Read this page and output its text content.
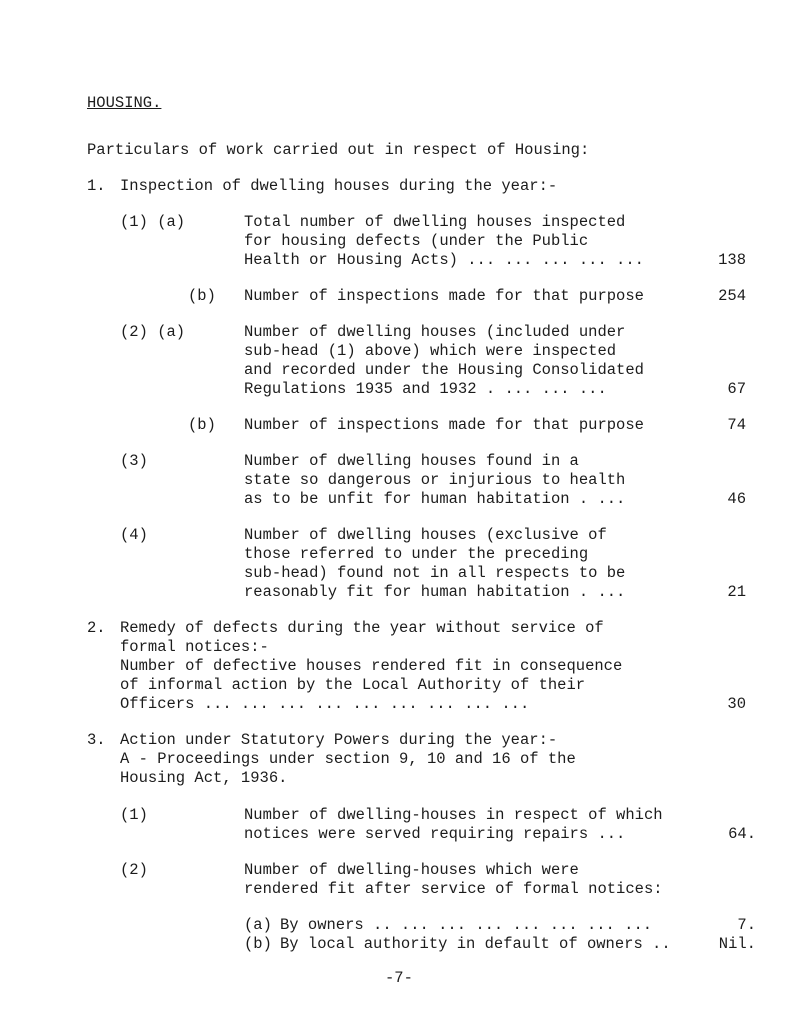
HOUSING.
Particulars of work carried out in respect of Housing:
1. Inspection of dwelling houses during the year:-
(1) (a)	Total number of dwelling houses inspected
for housing defects (under the Public
Health or Housing Acts) ... ... ... ... ...	138
(b) Number of inspections made for that purpose	254
(2) (a)	Number of dwelling houses (included under
sub-head (1) above) which were inspected
and recorded under the Housing Consolidated
Regulations 1935 and 1932 . ... ... ...	67
(b) Number of inspections made for that purpose	74
(3)	Number of dwelling houses found in a
state so dangerous or injurious to health
as to be unfit for human habitation . ...	46
(4)	Number of dwelling houses (exclusive of
those referred to under the preceding
sub-head) found not in all respects to be
reasonably fit for human habitation . ...	21
2. Remedy of defects during the year without service of
formal notices:-
Number of defective houses rendered fit in consequence
of informal action by the Local Authority of their
Officers ... ... ... ... ... ... ... ... ...	30
3. Action under Statutory Powers during the year:-
A - Proceedings under section 9, 10 and 16 of the
Housing Act, 1936.
(1)	Number of dwelling-houses in respect of which
notices were served requiring repairs ...	64.
(2)	Number of dwelling-houses which were
rendered fit after service of formal notices:
(a) By owners .. ... ... ... ... ... ... ...	7.
(b) By local authority in default of owners ..	Nil.
-7-
